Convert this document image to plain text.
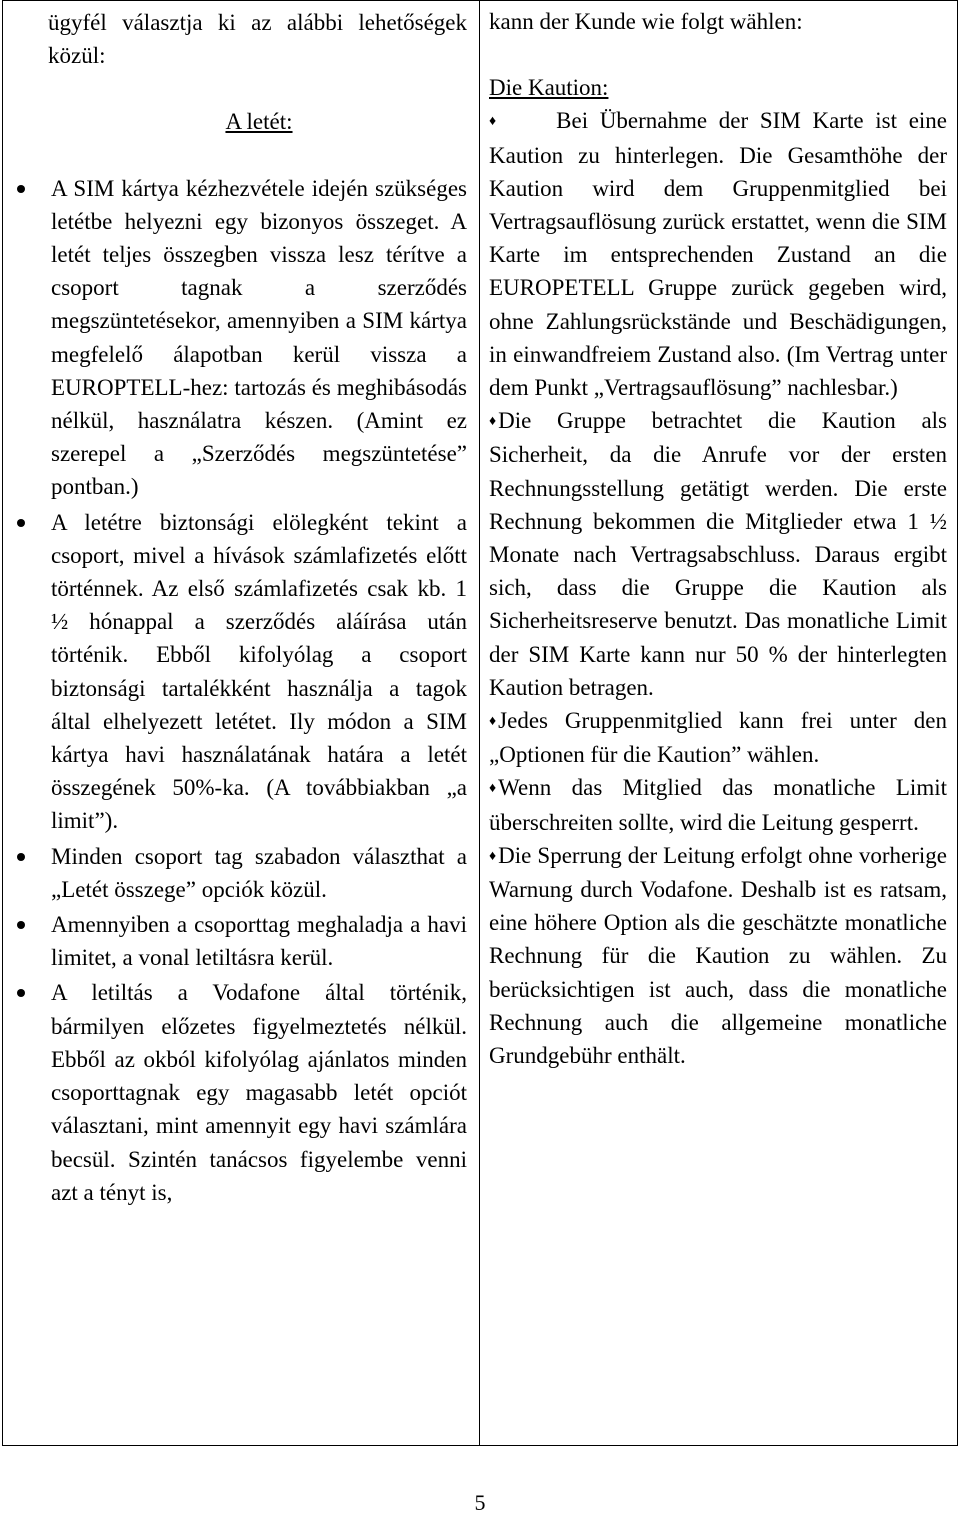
ügyfél választja ki az alábbi lehetőségek közül:

A letét:
A SIM kártya kézhezvétele idején szükséges letétbe helyezni egy bizonyos összeget. A letét teljes összegben vissza lesz térítve a csoport tagnak a szerződés megszüntetésekor, amennyiben a SIM kártya megfelelő álapotban kerül vissza a EUROPTELL-hez: tartozás és meghibásodás nélkül, használatra készen. (Amint ez szerepel a „Szerződés megszüntetése” pontban.)
A letétre biztonsági elölegként tekint a csoport, mivel a hívások számlafizetés előtt történnek. Az első számlafizetés csak kb. 1 ½ hónappal a szerződés aláírása után történik. Ebből kifolyólag a csoport biztonsági tartalékként használja a tagok által elhelyezett letétet. Ily módon a SIM kártya havi használatának határa a letét összegének 50%-ka. (A továbbiakban „a limit”).
Minden csoport tag szabadon választhat a „Letét összege” opciók közül.
Amennyiben a csoporttag meghaladja a havi limitet, a vonal letiltásra kerül.
A letiltás a Vodafone által történik, bármilyen előzetes figyelmeztetés nélkül. Ebből az okból kifolyólag ajánlatos minden csoporttagnak egy magasabb letét opciót választani, mint amennyit egy havi számlára becsül. Szintén tanácsos figyelembe venni azt a tényt is,

kann der Kunde wie folgt wählen:

Die Kaution:

♦	Bei Übernahme der SIM Karte ist eine Kaution zu hinterlegen. Die Gesamthöhe der Kaution wird dem Gruppenmitglied bei Vertragsauflösung zurück erstattet, wenn die SIM Karte im entsprechenden Zustand an die EUROPETELL Gruppe zurück gegeben wird, ohne Zahlungsrückstände und Beschädigungen, in einwandfreiem Zustand also. (Im Vertrag unter dem Punkt „Vertragsauflösung” nachlesbar.)

♦Die Gruppe betrachtet die Kaution als Sicherheit, da die Anrufe vor der ersten Rechnungsstellung getätigt werden. Die erste Rechnung bekommen die Mitglieder etwa 1 ½ Monate nach Vertragsabschluss. Daraus ergibt sich, dass die Gruppe die Kaution als Sicherheitsreserve benutzt. Das monatliche Limit der SIM Karte kann nur 50 % der hinterlegten Kaution betragen.

♦Jedes Gruppenmitglied kann frei unter den „Optionen für die Kaution” wählen.

♦Wenn das Mitglied das monatliche Limit überschreiten sollte, wird die Leitung gesperrt.

♦Die Sperrung der Leitung erfolgt ohne vorherige Warnung durch Vodafone. Deshalb ist es ratsam, eine höhere Option als die geschätzte monatliche Rechnung für die Kaution zu wählen. Zu berücksichtigen ist auch, dass die monatliche Rechnung auch die allgemeine monatliche Grundgebühr enthält.

5
